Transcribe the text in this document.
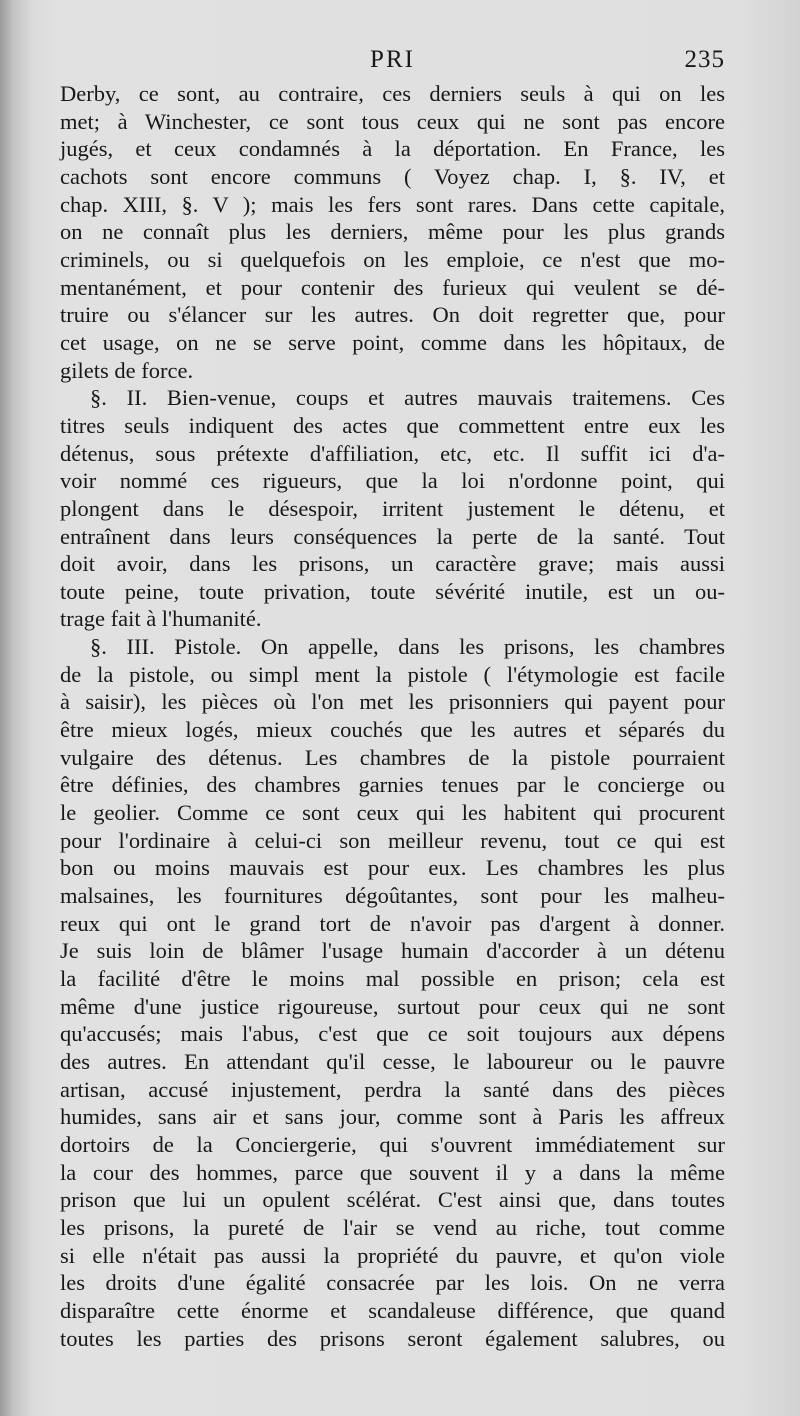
PRI	235
Derby, ce sont, au contraire, ces derniers seuls à qui on les
met; à Winchester, ce sont tous ceux qui ne sont pas encore
jugés, et ceux condamnés à la déportation. En France, les
cachots sont encore communs ( Voyez chap. I, §. IV, et
chap. XIII, §. V ); mais les fers sont rares. Dans cette capitale,
on ne connaît plus les derniers, même pour les plus grands
criminels, ou si quelquefois on les emploie, ce n'est que mo-
mentanément, et pour contenir des furieux qui veulent se dé-
truire ou s'élancer sur les autres. On doit regretter que, pour
cet usage, on ne se serve point, comme dans les hôpitaux, de
gilets de force.
§. II. Bien-venue, coups et autres mauvais traitemens. Ces
titres seuls indiquent des actes que commettent entre eux les
détenus, sous prétexte d'affiliation, etc, etc. Il suffit ici d'a-
voir nommé ces rigueurs, que la loi n'ordonne point, qui
plongent dans le désespoir, irritent justement le détenu, et
entraînent dans leurs conséquences la perte de la santé. Tout
doit avoir, dans les prisons, un caractère grave; mais aussi
toute peine, toute privation, toute sévérité inutile, est un ou-
trage fait à l'humanité.
§. III. Pistole. On appelle, dans les prisons, les chambres
de la pistole, ou simpl ment la pistole ( l'étymologie est facile
à saisir), les pièces où l'on met les prisonniers qui payent pour
être mieux logés, mieux couchés que les autres et séparés du
vulgaire des détenus. Les chambres de la pistole pourraient
être définies, des chambres garnies tenues par le concierge ou
le geolier. Comme ce sont ceux qui les habitent qui procurent
pour l'ordinaire à celui-ci son meilleur revenu, tout ce qui est
bon ou moins mauvais est pour eux. Les chambres les plus
malsaines, les fournitures dégoûtantes, sont pour les malheu-
reux qui ont le grand tort de n'avoir pas d'argent à donner.
Je suis loin de blâmer l'usage humain d'accorder à un détenu
la facilité d'être le moins mal possible en prison; cela est
même d'une justice rigoureuse, surtout pour ceux qui ne sont
qu'accusés; mais l'abus, c'est que ce soit toujours aux dépens
des autres. En attendant qu'il cesse, le laboureur ou le pauvre
artisan, accusé injustement, perdra la santé dans des pièces
humides, sans air et sans jour, comme sont à Paris les affreux
dortoirs de la Conciergerie, qui s'ouvrent immédiatement sur
la cour des hommes, parce que souvent il y a dans la même
prison que lui un opulent scélérat. C'est ainsi que, dans toutes
les prisons, la pureté de l'air se vend au riche, tout comme
si elle n'était pas aussi la propriété du pauvre, et qu'on viole
les droits d'une égalité consacrée par les lois. On ne verra
disparaître cette énorme et scandaleuse différence, que quand
toutes les parties des prisons seront également salubres, ou
